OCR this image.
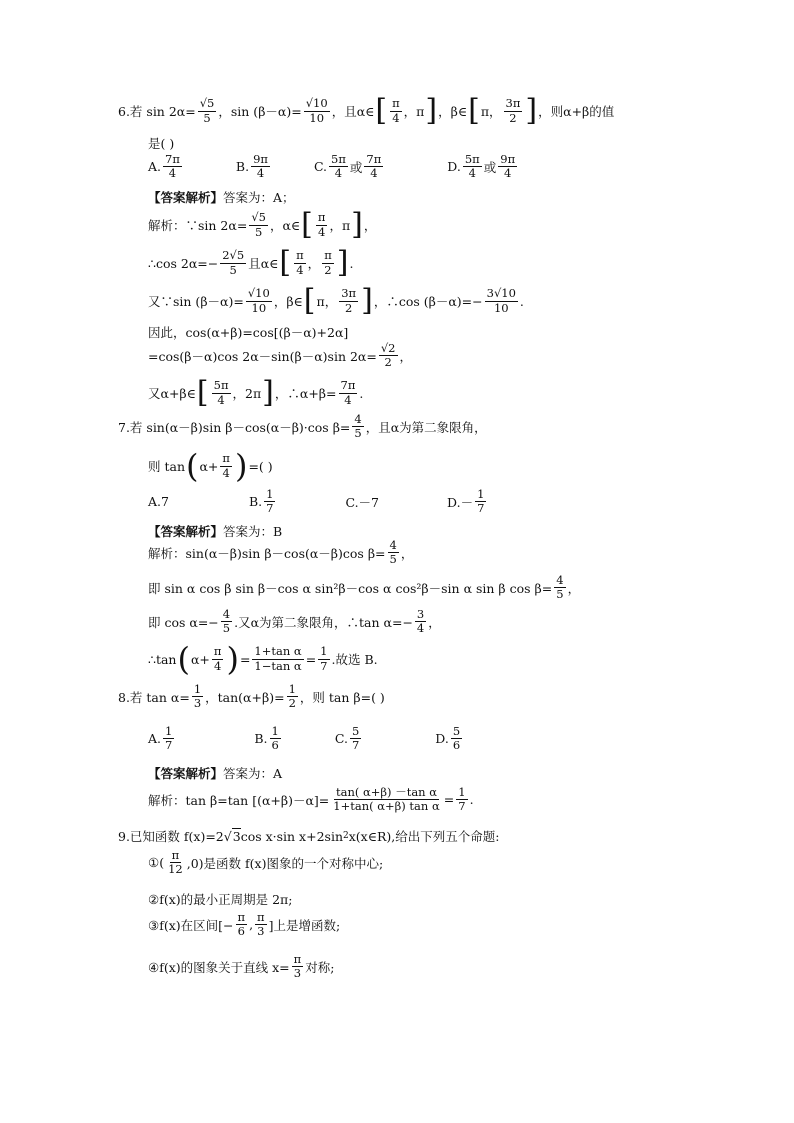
6.若 $\sin 2\alpha= \frac{√5}{5}$ ，$\sin (\beta-\alpha)= \frac{√10}{10}$ ，且α∈ [ $\frac{\pi}{4}$ ，π ] ，β∈ [ π， $\frac{3\pi}{2}$ ] ，则α+β的值
是( )
A. $\frac{7\pi}{4}$	B. $\frac{9\pi}{4}$	C. $\frac{5\pi}{4}$ 或 $\frac{7\pi}{4}$	D. $\frac{5\pi}{4}$ 或 $\frac{9\pi}{4}$
【答案解析】 答案为：A；
解析：∵sin $2\alpha= \frac{√5}{5}$ ，α∈ [ $\frac{\pi}{4}$ ，π ] ，
∴cos $2\alpha=- \frac{2√5}{5}$ 且α∈ [ $\frac{\pi}{4}$ ， $\frac{\pi}{2}$ ] .
又∵sin $(\beta-\alpha)= \frac{√10}{10}$ ，β∈ [ π， $\frac{3\pi}{2}$ ] ，∴cos $(\beta-\alpha)=- \frac{3√10}{10}$ .
因此，cos(α+β)=cos[(β－α)+2α]
=cos(β－α)cos 2α－sin(β－α)sin $2\alpha= \frac{√2}{2}$ ，
又α+β∈ [ $\frac{5\pi}{4}$ ，2π ] ，∴α+β= $\frac{7\pi}{4}$ .
7.若 sin(α－β)sin β－cos(α－β)·cos $\beta= \frac{4}{5}$ ，且α为第二象限角，
则 tan ( $\alpha+ \frac{\pi}{4}$ ) =( )
A.7	B. $\frac{1}{7}$	C.－7	$D.- \frac{1}{7}$
【答案解析】 答案为：B
解析：sin(α－β)sin β－cos(α－β)cos $\beta= \frac{4}{5}$ ，
即 sin α cos β sin β－cos α sin²β－cos α cos²β－sin α sin β $\cos \beta= \frac{4}{5}$ ，
即 $\cos \alpha=- \frac{4}{5}$ .又α为第二象限角，∴tan $\alpha=- \frac{3}{4}$ ，
∴tan ( $\alpha+ \frac{\pi}{4}$ ) = $\frac{\text{1+tan α}}{\text{1−tan α}} = \frac{1}{7}$ .故选 B.
8.若 $\tan \alpha= \frac{1}{3}$ ，$\tan(\alpha+\beta)= \frac{1}{2}$ ，则 tan β=( )
A. $\frac{1}{7}$	B. $\frac{1}{6}$	C. $\frac{5}{7}$	D. $\frac{5}{6}$
【答案解析】 答案为：A
解析：tan β=tan $[(\alpha+\beta)-\alpha]= \frac{\text{tan( α+β) －tan α}}{\text{1+tan( α+β) tan α}} = \frac{1}{7}$ .
9.已知函数 f(x)=2 √ 3 cos x·sin x+2sin 2 x(x∈R),给出下列五个命题:
①( $\frac{\pi}{12} ,0$)是函数 f(x)图象的一个对称中心;
②f(x)的最小正周期是 2π;
③f(x)在区间[− $\frac{\pi}{6}$ , $\frac{\pi}{3}$ ]上是增函数;
④f(x)的图象关于直线 $x= \frac{\pi}{3}$ 对称;
